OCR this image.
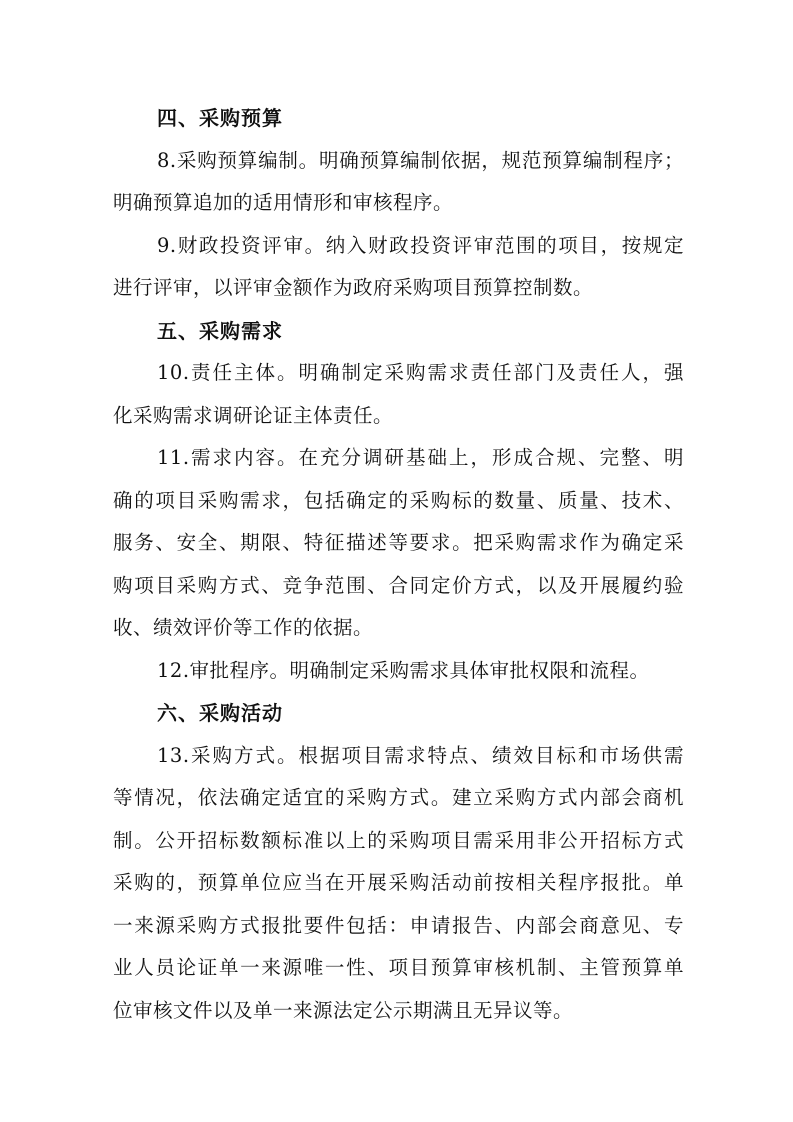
四、采购预算

8.采购预算编制。明确预算编制依据，规范预算编制程序；
明确预算追加的适用情形和审核程序。

9.财政投资评审。纳入财政投资评审范围的项目，按规定
进行评审，以评审金额作为政府采购项目预算控制数。

五、采购需求

10.责任主体。明确制定采购需求责任部门及责任人，强
化采购需求调研论证主体责任。

11.需求内容。在充分调研基础上，形成合规、完整、明
确的项目采购需求，包括确定的采购标的数量、质量、技术、
服务、安全、期限、特征描述等要求。把采购需求作为确定采
购项目采购方式、竞争范围、合同定价方式，以及开展履约验
收、绩效评价等工作的依据。

12.审批程序。明确制定采购需求具体审批权限和流程。

六、采购活动

13.采购方式。根据项目需求特点、绩效目标和市场供需
等情况，依法确定适宜的采购方式。建立采购方式内部会商机
制。公开招标数额标准以上的采购项目需采用非公开招标方式
采购的，预算单位应当在开展采购活动前按相关程序报批。单
一来源采购方式报批要件包括：申请报告、内部会商意见、专
业人员论证单一来源唯一性、项目预算审核机制、主管预算单
位审核文件以及单一来源法定公示期满且无异议等。
